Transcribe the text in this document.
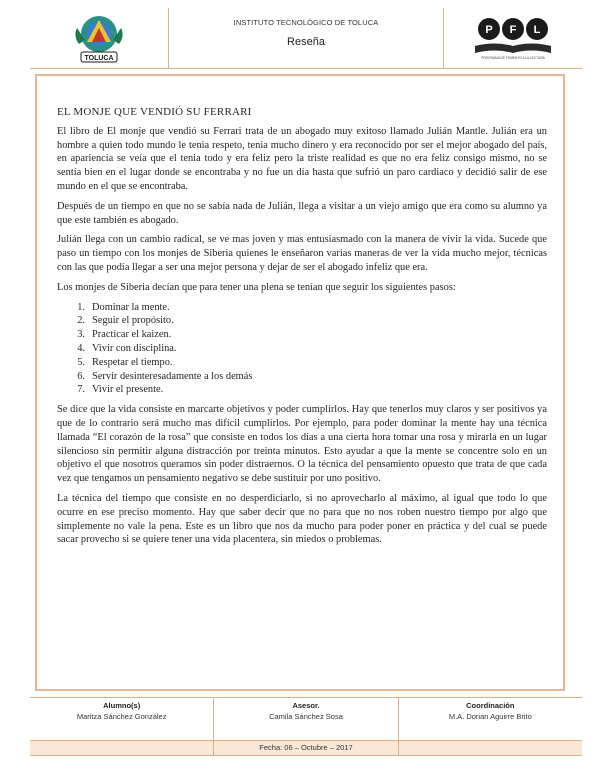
TOLUCA
INSTITUTO TECNOLÓGICO DE TOLUCA
Reseña
P F L
PROGRAMA DE FOMENTO A LA LECTURA
EL MONJE QUE VENDIÓ SU FERRARI

El libro de El monje que vendió su Ferrari trata de un abogado muy exitoso llamado Julián Mantle. Julián era un hombre a quien todo mundo le tenia respeto, tenia mucho dinero y era reconocido por ser el mejor abogado del país, en apariencia se veía que el tenia todo y era feliz pero la triste realidad es que no era feliz consigo mismo, no se sentía bien en el lugar donde se encontraba y no fue un día hasta que sufrió un paro cardiaco y decidió salir de ese mundo en el que se encontraba.

Después de un tiempo en que no se sabía nada de Julián, llega a visitar a un viejo amigo que era como su alumno ya que este también es abogado.

Julián llega con un cambio radical, se ve mas joven y mas entusiasmado con la manera de vivir la vida. Sucede que paso un tiempo con los monjes de Siberia quienes le enseñaron varias maneras de ver la vida mucho mejor, técnicas con las que podía llegar a ser una mejor persona y dejar de ser el abogado infeliz que era.

Los monjes de Siberia decían que para tener una plena se tenían que seguir los siguientes pasos:

1. Dominar la mente.
2. Seguir el propósito.
3. Practicar el kaizen.
4. Vivir con disciplina.
5. Respetar el tiempo.
6. Servir desinteresadamente a los demás
7. Vivir el presente.

Se dice que la vida consiste en marcarte objetivos y poder cumplirlos. Hay que tenerlos muy claros y ser positivos ya que de lo contrario será mucho mas difícil cumplirlos. Por ejemplo, para poder dominar la mente hay una técnica llamada “El corazón de la rosa” que consiste en todos los días a una cierta hora tomar una rosa y mirarla en un lugar silencioso sin permitir alguna distracción por treinta minutos. Esto ayudar a que la mente se concentre solo en un objetivo el que nosotros queramos sin poder distraernos. O la técnica del pensamiento opuesto que trata de que cada vez que tengamos un pensamiento negativo se debe sustituir por uno positivo.

La técnica del tiempo que consiste en no desperdiciarlo, si no aprovecharlo al máximo, al igual que todo lo que ocurre en ese preciso momento. Hay que saber decir que no para que no nos roben nuestro tiempo por algo que simplemente no vale la pena. Este es un libro que nos da mucho para poder poner en práctica y del cual se puede sacar provecho si se quiere tener una vida placentera, sin miedos o problemas.

Alumno(s)
Maritza Sánchez González
Asesor.
Camila Sánchez Sosa
Coordinación
M.A. Dorian Aguirre Brito
Fecha: 06 – Octubre – 2017
